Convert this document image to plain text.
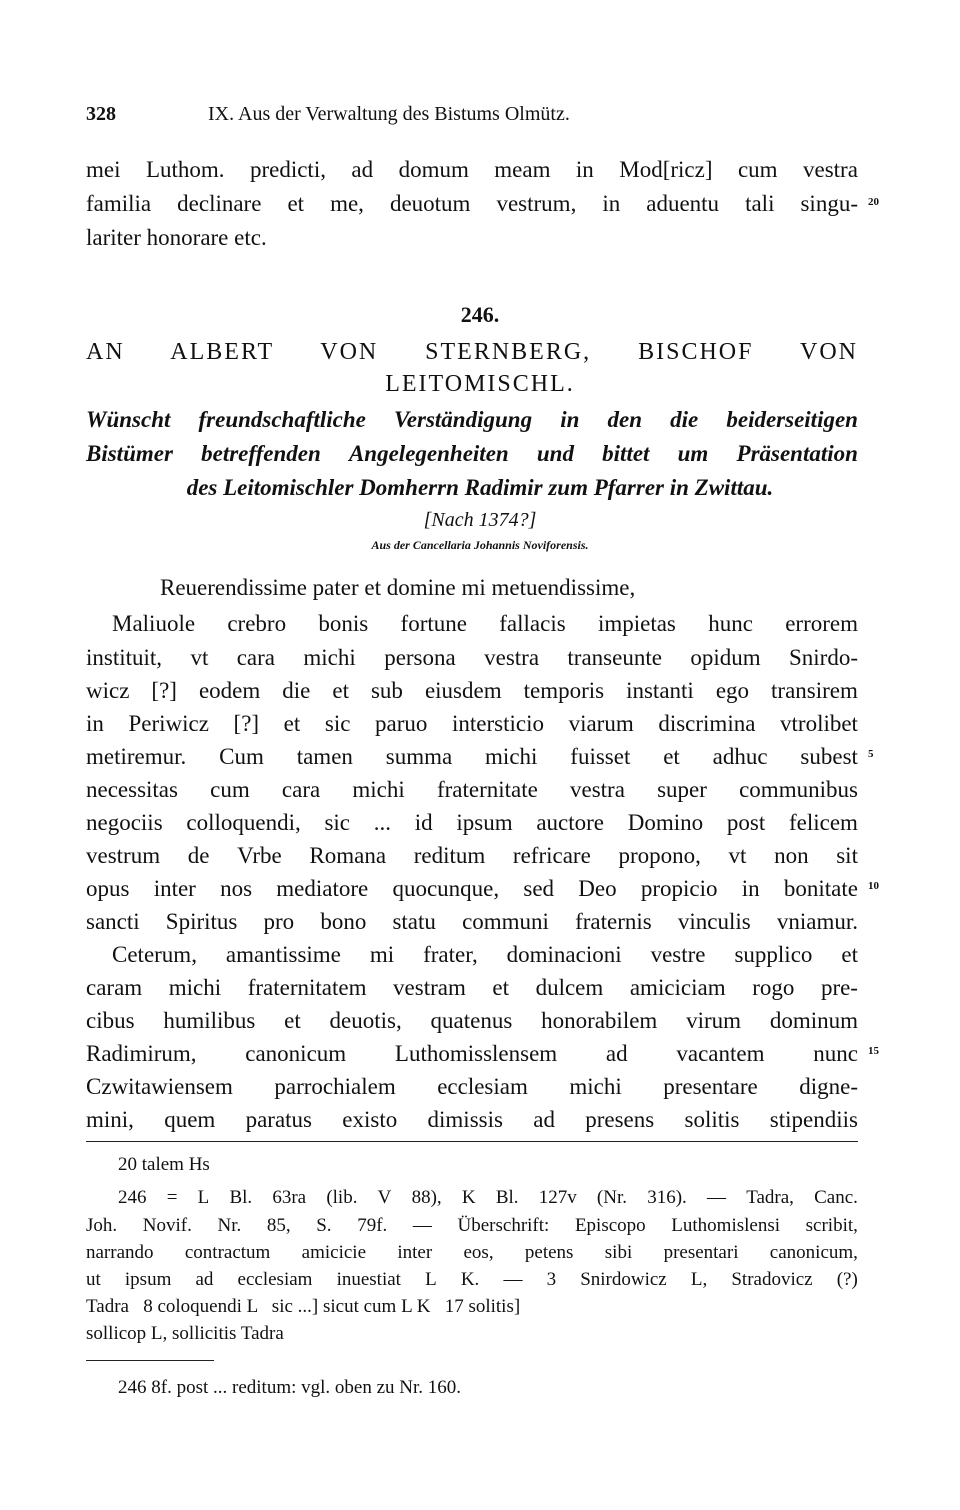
328	IX. Aus der Verwaltung des Bistums Olmütz.
mei Luthom. predicti, ad domum meam in Mod[ricz] cum vestra
familia declinare et me, deuotum vestrum, in aduentu tali singu-
lariter honorare etc.
20
246.
AN ALBERT VON STERNBERG, BISCHOF VON
LEITOMISCHL.
Wünscht freundschaftliche Verständigung in den die beiderseitigen
Bistümer betreffenden Angelegenheiten und bittet um Präsentation
des Leitomischler Domherrn Radimir zum Pfarrer in Zwittau.
[Nach 1374?]
Aus der Cancellaria Johannis Noviforensis.
Reuerendissime pater et domine mi metuendissime,
Maliuole crebro bonis fortune fallacis impietas hunc errorem
instituit, vt cara michi persona vestra transeunte opidum Snirdo-
wicz [?] eodem die et sub eiusdem temporis instanti ego transirem
in Periwicz [?] et sic paruo intersticio viarum discrimina vtrolibet
metiremur. Cum tamen summa michi fuisset et adhuc subest
necessitas cum cara michi fraternitate vestra super communibus
negociis colloquendi, sic ... id ipsum auctore Domino post felicem
vestrum de Vrbe Romana reditum refricare propono, vt non sit
opus inter nos mediatore quocunque, sed Deo propicio in bonitate
sancti Spiritus pro bono statu communi fraternis vinculis vniamur.
Ceterum, amantissime mi frater, dominacioni vestre supplico et
caram michi fraternitatem vestram et dulcem amiciciam rogo pre-
cibus humilibus et deuotis, quatenus honorabilem virum dominum
Radimirum, canonicum Luthomisslensem ad vacantem nunc
Czwitawiensem parrochialem ecclesiam michi presentare digne-
mini, quem paratus existo dimissis ad presens solitis stipendiis
5
10
15
20 talem Hs
246 = L Bl. 63ra (lib. V 88), K Bl. 127v (Nr. 316). — Tadra, Canc.
Joh. Novif. Nr. 85, S. 79f. — Überschrift: Episcopo Luthomislensi scribit,
narrando contractum amicicie inter eos, petens sibi presentari canonicum,
ut ipsum ad ecclesiam inuestiat L K. — 3 Snirdowicz L, Stradovicz (?)
Tadra   8 coloquendi L   sic ...] sicut cum L K   17 solitis]
sollicop L, sollicitis Tadra
246 8f. post ... reditum: vgl. oben zu Nr. 160.
